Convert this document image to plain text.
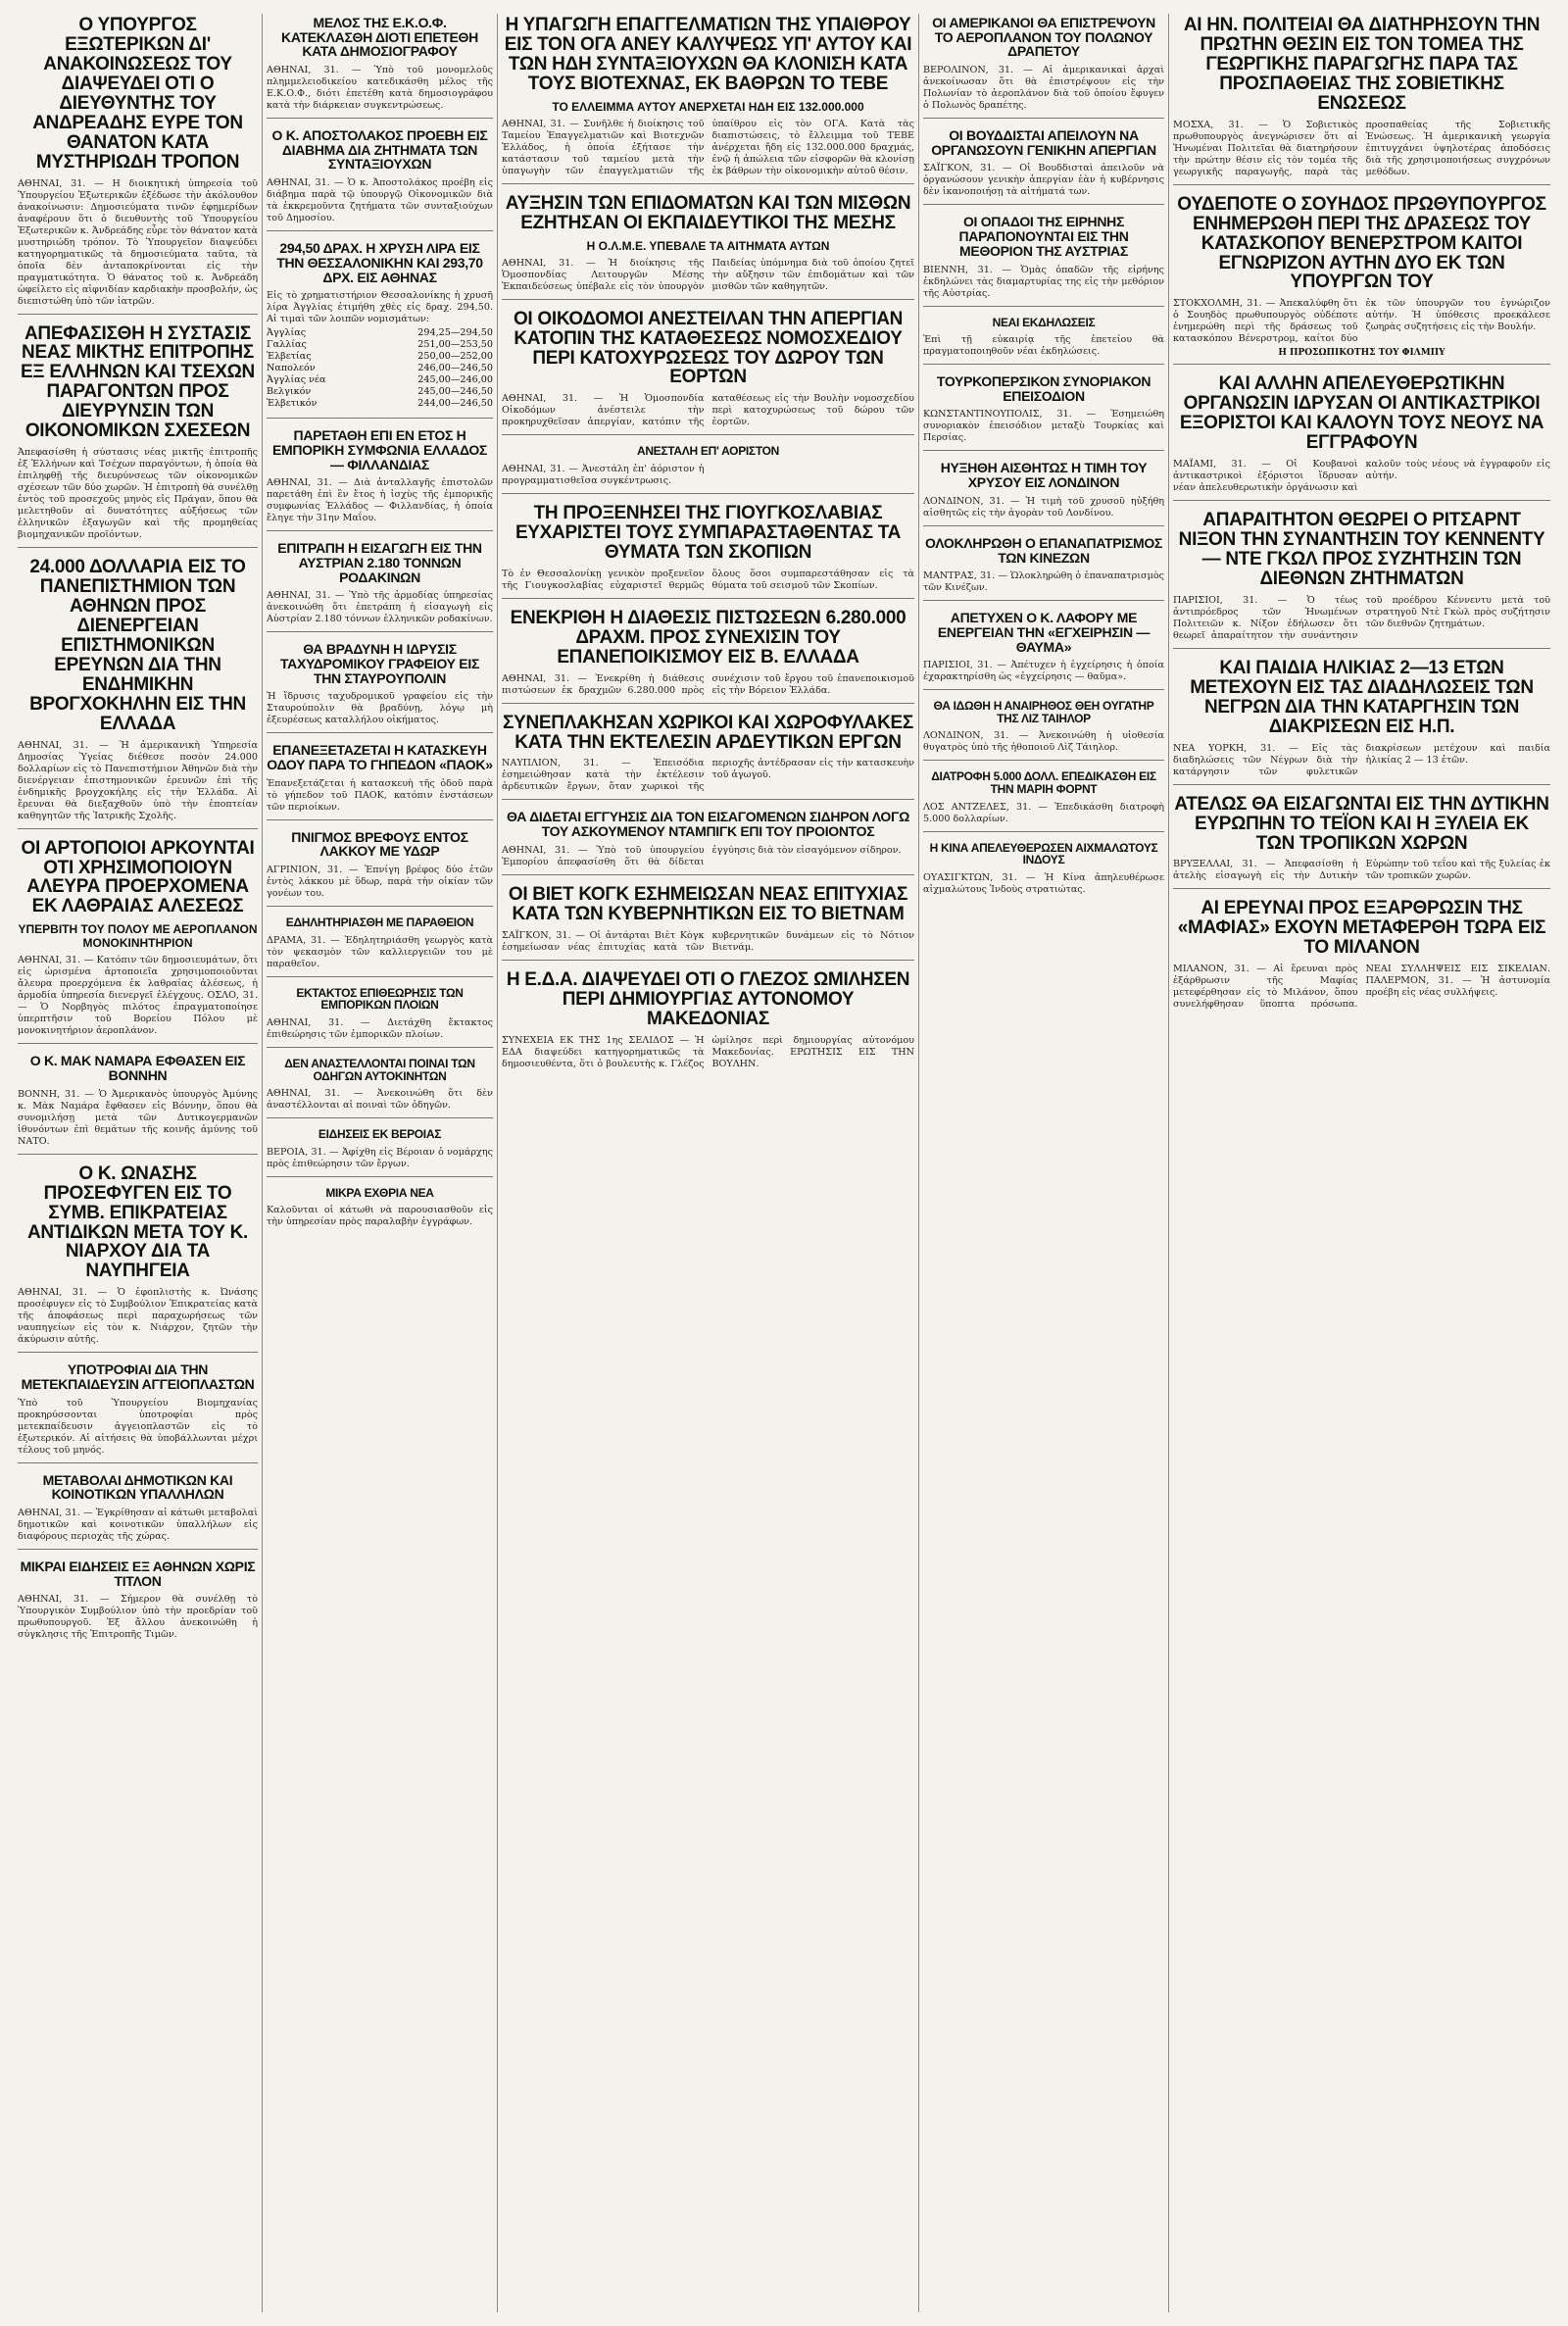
Ο ΥΠΟΥΡΓΟΣ ΕΞΩΤΕΡΙΚΩΝ ΔΙ' ΑΝΑΚΟΙΝΩΣΕΩΣ ΤΟΥ ΔΙΑΨΕΥΔΕΙ ΟΤΙ Ο ΔΙΕΥΘΥΝΤΗΣ ΤΟΥ ΑΝΔΡΕΑΔΗΣ ΕΥΡΕ ΤΟΝ ΘΑΝΑΤΟΝ ΚΑΤΑ ΜΥΣΤΗΡΙΩΔΗ ΤΡΟΠΟΝ
ΑΘΗΝΑΙ, 31. — Η διοικητική ὑπηρεσία τοῦ Ὑπουργείου Ἐξωτερικῶν ἐξέδωσε τὴν ἀκόλουθον ἀνακοίνωσιν: Δημοσιεύματα τινῶν ἐφημερίδων ἀναφέρουν ὅτι ὁ διευθυντὴς τοῦ Ὑπουργείου Ἐξωτερικῶν κ. Ἀνδρεάδης εὗρε τὸν θάνατον κατὰ μυστηριώδη τρόπον. Τὸ Ὑπουργεῖον διαψεύδει κατηγορηματικῶς τὰ δημοσιεύματα ταῦτα, τὰ ὁποῖα δὲν ἀνταποκρίνονται εἰς τὴν πραγματικότητα. Ὁ θάνατος τοῦ κ. Ἀνδρεάδη ὠφείλετο εἰς αἰφνιδίαν καρδιακὴν προσβολήν, ὡς διεπιστώθη ὑπὸ τῶν ἰατρῶν.
ΑΠΕΦΑΣΙΣΘΗ Η ΣΥΣΤΑΣΙΣ ΝΕΑΣ ΜΙΚΤΗΣ ΕΠΙΤΡΟΠΗΣ ΕΞ ΕΛΛΗΝΩΝ ΚΑΙ ΤΣΕΧΩΝ ΠΑΡΑΓΟΝΤΩΝ ΠΡΟΣ ΔΙΕΥΡΥΝΣΙΝ ΤΩΝ ΟΙΚΟΝΟΜΙΚΩΝ ΣΧΕΣΕΩΝ
Ἀπεφασίσθη ἡ σύστασις νέας μικτῆς ἐπιτροπῆς ἐξ Ἑλλήνων καὶ Τσέχων παραγόντων, ἡ ὁποία θὰ ἐπιληφθῇ τῆς διευρύνσεως τῶν οἰκονομικῶν σχέσεων τῶν δύο χωρῶν. Ἡ ἐπιτροπὴ θὰ συνέλθῃ ἐντὸς τοῦ προσεχοῦς μηνὸς εἰς Πράγαν, ὅπου θὰ μελετηθοῦν αἱ δυνατότητες αὐξήσεως τῶν ἑλληνικῶν ἐξαγωγῶν καὶ τῆς προμηθείας βιομηχανικῶν προϊόντων.
24.000 ΔΟΛΛΑΡΙΑ ΕΙΣ ΤΟ ΠΑΝΕΠΙΣΤΗΜΙΟΝ ΤΩΝ ΑΘΗΝΩΝ ΠΡΟΣ ΔΙΕΝΕΡΓΕΙΑΝ ΕΠΙΣΤΗΜΟΝΙΚΩΝ ΕΡΕΥΝΩΝ ΔΙΑ ΤΗΝ ΕΝΔΗΜΙΚΗΝ ΒΡΟΓΧΟΚΗΛΗΝ ΕΙΣ ΤΗΝ ΕΛΛΑΔΑ
ΑΘΗΝΑΙ, 31. — Ἡ ἀμερικανικὴ Ὑπηρεσία Δημοσίας Ὑγείας διέθεσε ποσὸν 24.000 δολλαρίων εἰς τὸ Πανεπιστήμιον Ἀθηνῶν διὰ τὴν διενέργειαν ἐπιστημονικῶν ἐρευνῶν ἐπὶ τῆς ἐνδημικῆς βρογχοκήλης εἰς τὴν Ἑλλάδα. Αἱ ἔρευναι θὰ διεξαχθοῦν ὑπὸ τὴν ἐποπτείαν καθηγητῶν τῆς Ἰατρικῆς Σχολῆς.
ΟΙ ΑΡΤΟΠΟΙΟΙ ΑΡΚΟΥΝΤΑΙ ΟΤΙ ΧΡΗΣΙΜΟΠΟΙΟΥΝ ΑΛΕΥΡΑ ΠΡΟΕΡΧΟΜΕΝΑ ΕΚ ΛΑΘΡΑΙΑΣ ΑΛΕΣΕΩΣ
ΥΠΕΡΒΙΤΗ ΤΟΥ ΠΟΛΟΥ ΜΕ ΑΕΡΟΠΛΑΝΟΝ ΜΟΝΟΚΙΝΗΤΗΡΙΟΝ
ΑΘΗΝΑΙ, 31. — Κατόπιν τῶν δημοσιευμάτων, ὅτι εἰς ὡρισμένα ἀρτοποιεῖα χρησιμοποιοῦνται ἄλευρα προερχόμενα ἐκ λαθραίας ἀλέσεως, ἡ ἀρμοδία ὑπηρεσία διενεργεῖ ἐλέγχους. ΟΣΛΟ, 31. — Ὁ Νορβηγὸς πιλότος ἐπραγματοποίησε ὑπερπτῆσιν τοῦ Βορείου Πόλου μὲ μονοκινητήριον ἀεροπλάνον.
Ο Κ. ΜΑΚ ΝΑΜΑΡΑ ΕΦΘΑΣΕΝ ΕΙΣ ΒΟΝΝΗΝ
ΒΟΝΝΗ, 31. — Ὁ Ἀμερικανὸς ὑπουργὸς Ἀμύνης κ. Μὰκ Ναμάρα ἔφθασεν εἰς Βόννην, ὅπου θὰ συνομιλήσῃ μετὰ τῶν Δυτικογερμανῶν ἰθυνόντων ἐπὶ θεμάτων τῆς κοινῆς ἀμύνης τοῦ ΝΑΤΟ.
Ο Κ. ΩΝΑΣΗΣ ΠΡΟΣΕΦΥΓΕΝ ΕΙΣ ΤΟ ΣΥΜΒ. ΕΠΙΚΡΑΤΕΙΑΣ ΑΝΤΙΔΙΚΩΝ ΜΕΤΑ ΤΟΥ Κ. ΝΙΑΡΧΟΥ ΔΙΑ ΤΑ ΝΑΥΠΗΓΕΙΑ
ΑΘΗΝΑΙ, 31. — Ὁ ἐφοπλιστὴς κ. Ὠνάσης προσέφυγεν εἰς τὸ Συμβούλιον Ἐπικρατείας κατὰ τῆς ἀποφάσεως περὶ παραχωρήσεως τῶν ναυπηγείων εἰς τὸν κ. Νιάρχον, ζητῶν τὴν ἀκύρωσιν αὐτῆς.
ΥΠΟΤΡΟΦΙΑΙ ΔΙΑ ΤΗΝ ΜΕΤΕΚΠΑΙΔΕΥΣΙΝ ΑΓΓΕΙΟΠΛΑΣΤΩΝ
Ὑπὸ τοῦ Ὑπουργείου Βιομηχανίας προκηρύσσονται ὑποτροφίαι πρὸς μετεκπαίδευσιν ἀγγειοπλαστῶν εἰς τὸ ἐξωτερικόν. Αἱ αἰτήσεις θὰ ὑποβάλλωνται μέχρι τέλους τοῦ μηνός.
ΜΕΤΑΒΟΛΑΙ ΔΗΜΟΤΙΚΩΝ ΚΑΙ ΚΟΙΝΟΤΙΚΩΝ ΥΠΑΛΛΗΛΩΝ
ΑΘΗΝΑΙ, 31. — Ἐγκρίθησαν αἱ κάτωθι μεταβολαὶ δημοτικῶν καὶ κοινοτικῶν ὑπαλλήλων εἰς διαφόρους περιοχὰς τῆς χώρας.
ΜΙΚΡΑΙ ΕΙΔΗΣΕΙΣ ΕΞ ΑΘΗΝΩΝ ΧΩΡΙΣ ΤΙΤΛΟΝ
ΑΘΗΝΑΙ, 31. — Σήμερον θὰ συνέλθῃ τὸ Ὑπουργικὸν Συμβούλιον ὑπὸ τὴν προεδρίαν τοῦ πρωθυπουργοῦ. Ἐξ ἄλλου ἀνεκοινώθη ἡ σύγκλησις τῆς Ἐπιτροπῆς Τιμῶν.
ΜΕΛΟΣ ΤΗΣ Ε.Κ.Ο.Φ. ΚΑΤΕΚΛΑΣΘΗ ΔΙΟΤΙ ΕΠΕΤΕΘΗ ΚΑΤΑ ΔΗΜΟΣΙΟΓΡΑΦΟΥ
ΑΘΗΝΑΙ, 31. — Ὑπὸ τοῦ μονομελοῦς πλημμελειοδικείου κατεδικάσθη μέλος τῆς Ε.Κ.Ο.Φ., διότι ἐπετέθη κατὰ δημοσιογράφου κατὰ τὴν διάρκειαν συγκεντρώσεως.
Ο Κ. ΑΠΟΣΤΟΛΑΚΟΣ ΠΡΟΕΒΗ ΕΙΣ ΔΙΑΒΗΜΑ ΔΙΑ ΖΗΤΗΜΑΤΑ ΤΩΝ ΣΥΝΤΑΞΙΟΥΧΩΝ
ΑΘΗΝΑΙ, 31. — Ὁ κ. Ἀποστολάκος προέβη εἰς διάβημα παρὰ τῷ ὑπουργῷ Οἰκονομικῶν διὰ τὰ ἐκκρεμοῦντα ζητήματα τῶν συνταξιούχων τοῦ Δημοσίου.
294,50 ΔΡΑΧ. Η ΧΡΥΣΗ ΛΙΡΑ ΕΙΣ ΤΗΝ ΘΕΣΣΑΛΟΝΙΚΗΝ ΚΑΙ 293,70 ΔΡΧ. ΕΙΣ ΑΘΗΝΑΣ
Εἰς τὸ χρηματιστήριον Θεσσαλονίκης ἡ χρυσῆ λίρα Ἀγγλίας ἐτιμήθη χθὲς εἰς δραχ. 294,50. Αἱ τιμαὶ τῶν λοιπῶν νομισμάτων:
Ἀγγλίας	294,25—294,50
Γαλλίας	251,00—253,50
Ἑλβετίας	250,00—252,00
Ναπολεόν	246,00—246,50
Ἀγγλίας νέα	245,00—246,00
Βελγικόν	245,00—246,50
Ἑλβετικόν	244,00—246,50
ΠΑΡΕΤΑΘΗ ΕΠΙ ΕΝ ΕΤΟΣ Η ΕΜΠΟΡΙΚΗ ΣΥΜΦΩΝΙΑ ΕΛΛΑΔΟΣ — ΦΙΛΛΑΝΔΙΑΣ
ΑΘΗΝΑΙ, 31. — Διὰ ἀνταλλαγῆς ἐπιστολῶν παρετάθη ἐπὶ ἓν ἔτος ἡ ἰσχὺς τῆς ἐμπορικῆς συμφωνίας Ἑλλάδος — Φιλλανδίας, ἡ ὁποία ἔληγε τὴν 31ην Μαΐου.
ΕΠΙΤΡΑΠΗ Η ΕΙΣΑΓΩΓΗ ΕΙΣ ΤΗΝ ΑΥΣΤΡΙΑΝ 2.180 ΤΟΝΝΩΝ ΡΟΔΑΚΙΝΩΝ
ΑΘΗΝΑΙ, 31. — Ὑπὸ τῆς ἀρμοδίας ὑπηρεσίας ἀνεκοινώθη ὅτι ἐπετράπη ἡ εἰσαγωγὴ εἰς Αὐστρίαν 2.180 τόννων ἑλληνικῶν ροδακίνων.
ΘΑ ΒΡΑΔΥΝΗ Η ΙΔΡΥΣΙΣ ΤΑΧΥΔΡΟΜΙΚΟΥ ΓΡΑΦΕΙΟΥ ΕΙΣ ΤΗΝ ΣΤΑΥΡΟΥΠΟΛΙΝ
Ἡ ἵδρυσις ταχυδρομικοῦ γραφείου εἰς τὴν Σταυρούπολιν θὰ βραδύνῃ, λόγῳ μὴ ἐξευρέσεως καταλλήλου οἰκήματος.
ΕΠΑΝΕΞΕΤΑΖΕΤΑΙ Η ΚΑΤΑΣΚΕΥΗ ΟΔΟΥ ΠΑΡΑ ΤΟ ΓΗΠΕΔΟΝ «ΠΑΟΚ»
Ἐπανεξετάζεται ἡ κατασκευὴ τῆς ὁδοῦ παρὰ τὸ γήπεδον τοῦ ΠΑΟΚ, κατόπιν ἐνστάσεων τῶν περιοίκων.
ΠΝΙΓΜΟΣ ΒΡΕΦΟΥΣ ΕΝΤΟΣ ΛΑΚΚΟΥ ΜΕ ΥΔΩΡ
ΑΓΡΙΝΙΟΝ, 31. — Ἐπνίγη βρέφος δύο ἐτῶν ἐντὸς λάκκου μὲ ὕδωρ, παρὰ τὴν οἰκίαν τῶν γονέων του.
ΕΔΗΛΗΤΗΡΙΑΣΘΗ ΜΕ ΠΑΡΑΘΕΙΟΝ
ΔΡΑΜΑ, 31. — Ἐδηλητηριάσθη γεωργὸς κατὰ τὸν ψεκασμὸν τῶν καλλιεργειῶν του μὲ παραθεῖον.
ΕΚΤΑΚΤΟΣ ΕΠΙΘΕΩΡΗΣΙΣ ΤΩΝ ΕΜΠΟΡΙΚΩΝ ΠΛΟΙΩΝ
ΑΘΗΝΑΙ, 31. — Διετάχθη ἔκτακτος ἐπιθεώρησις τῶν ἐμπορικῶν πλοίων.
ΔΕΝ ΑΝΑΣΤΕΛΛΟΝΤΑΙ ΠΟΙΝΑΙ ΤΩΝ ΟΔΗΓΩΝ ΑΥΤΟΚΙΝΗΤΩΝ
ΑΘΗΝΑΙ, 31. — Ἀνεκοινώθη ὅτι δὲν ἀναστέλλονται αἱ ποιναὶ τῶν ὁδηγῶν.
ΕΙΔΗΣΕΙΣ ΕΚ ΒΕΡΟΙΑΣ
ΒΕΡΟΙΑ, 31. — Ἀφίχθη εἰς Βέροιαν ὁ νομάρχης πρὸς ἐπιθεώρησιν τῶν ἔργων.
ΜΙΚΡΑ ΕΧΘΡΙΑ ΝΕΑ
Καλοῦνται οἱ κάτωθι νὰ παρουσιασθοῦν εἰς τὴν ὑπηρεσίαν πρὸς παραλαβὴν ἐγγράφων.
Η ΥΠΑΓΩΓΗ ΕΠΑΓΓΕΛΜΑΤΙΩΝ ΤΗΣ ΥΠΑΙΘΡΟΥ ΕΙΣ ΤΟΝ ΟΓΑ ΑΝΕΥ ΚΑΛΥΨΕΩΣ ΥΠ' ΑΥΤΟΥ ΚΑΙ ΤΩΝ ΗΔΗ ΣΥΝΤΑΞΙΟΥΧΩΝ ΘΑ ΚΛΟΝΙΣΗ ΚΑΤΑ ΤΟΥΣ ΒΙΟΤΕΧΝΑΣ, ΕΚ ΒΑΘΡΩΝ ΤΟ ΤΕΒΕ
ΤΟ ΕΛΛΕΙΜΜΑ ΑΥΤΟΥ ΑΝΕΡΧΕΤΑΙ ΗΔΗ ΕΙΣ 132.000.000
ΑΘΗΝΑΙ, 31. — Συνῆλθε ἡ διοίκησις τοῦ Ταμείου Ἐπαγγελματιῶν καὶ Βιοτεχνῶν Ἑλλάδος, ἡ ὁποία ἐξήτασε τὴν κατάστασιν τοῦ ταμείου μετὰ τὴν ὑπαγωγὴν τῶν ἐπαγγελματιῶν τῆς ὑπαίθρου εἰς τὸν ΟΓΑ. Κατὰ τὰς διαπιστώσεις, τὸ ἔλλειμμα τοῦ ΤΕΒΕ ἀνέρχεται ἤδη εἰς 132.000.000 δραχμάς, ἐνῷ ἡ ἀπώλεια τῶν εἰσφορῶν θὰ κλονίσῃ ἐκ βάθρων τὴν οἰκονομικὴν αὐτοῦ θέσιν.
ΑΥΞΗΣΙΝ ΤΩΝ ΕΠΙΔΟΜΑΤΩΝ ΚΑΙ ΤΩΝ ΜΙΣΘΩΝ ΕΖΗΤΗΣΑΝ ΟΙ ΕΚΠΑΙΔΕΥΤΙΚΟΙ ΤΗΣ ΜΕΣΗΣ
Η Ο.Λ.Μ.Ε. ΥΠΕΒΑΛΕ ΤΑ ΑΙΤΗΜΑΤΑ ΑΥΤΩΝ
ΑΘΗΝΑΙ, 31. — Ἡ διοίκησις τῆς Ὁμοσπονδίας Λειτουργῶν Μέσης Ἐκπαιδεύσεως ὑπέβαλε εἰς τὸν ὑπουργὸν Παιδείας ὑπόμνημα διὰ τοῦ ὁποίου ζητεῖ τὴν αὔξησιν τῶν ἐπιδομάτων καὶ τῶν μισθῶν τῶν καθηγητῶν.
ΟΙ ΟΙΚΟΔΟΜΟΙ ΑΝΕΣΤΕΙΛΑΝ ΤΗΝ ΑΠΕΡΓΙΑΝ ΚΑΤΟΠΙΝ ΤΗΣ ΚΑΤΑΘΕΣΕΩΣ ΝΟΜΟΣΧΕΔΙΟΥ ΠΕΡΙ ΚΑΤΟΧΥΡΩΣΕΩΣ ΤΟΥ ΔΩΡΟΥ ΤΩΝ ΕΟΡΤΩΝ
ΑΘΗΝΑΙ, 31. — Ἡ Ὁμοσπονδία Οἰκοδόμων ἀνέστειλε τὴν προκηρυχθεῖσαν ἀπεργίαν, κατόπιν τῆς καταθέσεως εἰς τὴν Βουλὴν νομοσχεδίου περὶ κατοχυρώσεως τοῦ δώρου τῶν ἑορτῶν.
ΑΝΕΣΤΑΛΗ ΕΠ' ΑΟΡΙΣΤΟΝ
ΑΘΗΝΑΙ, 31. — Ἀνεστάλη ἐπ' ἀόριστον ἡ προγραμματισθεῖσα συγκέντρωσις.
ΤΗ ΠΡΟΞΕΝΗΣΕΙ ΤΗΣ ΓΙΟΥΓΚΟΣΛΑΒΙΑΣ ΕΥΧΑΡΙΣΤΕΙ ΤΟΥΣ ΣΥΜΠΑΡΑΣΤΑΘΕΝΤΑΣ ΤΑ ΘΥΜΑΤΑ ΤΩΝ ΣΚΟΠΙΩΝ
Τὸ ἐν Θεσσαλονίκῃ γενικὸν προξενεῖον τῆς Γιουγκοσλαβίας εὐχαριστεῖ θερμῶς ὅλους ὅσοι συμπαρεστάθησαν εἰς τὰ θύματα τοῦ σεισμοῦ τῶν Σκοπίων.
ΕΝΕΚΡΙΘΗ Η ΔΙΑΘΕΣΙΣ ΠΙΣΤΩΣΕΩΝ 6.280.000 ΔΡΑΧΜ. ΠΡΟΣ ΣΥΝΕΧΙΣΙΝ ΤΟΥ ΕΠΑΝΕΠΟΙΚΙΣΜΟΥ ΕΙΣ Β. ΕΛΛΑΔΑ
ΑΘΗΝΑΙ, 31. — Ἐνεκρίθη ἡ διάθεσις πιστώσεων ἐκ δραχμῶν 6.280.000 πρὸς συνέχισιν τοῦ ἔργου τοῦ ἐπανεποικισμοῦ εἰς τὴν Βόρειον Ἑλλάδα.
ΣΥΝΕΠΛΑΚΗΣΑΝ ΧΩΡΙΚΟΙ ΚΑΙ ΧΩΡΟΦΥΛΑΚΕΣ ΚΑΤΑ ΤΗΝ ΕΚΤΕΛΕΣΙΝ ΑΡΔΕΥΤΙΚΩΝ ΕΡΓΩΝ
ΝΑΥΠΛΙΟΝ, 31. — Ἐπεισόδια ἐσημειώθησαν κατὰ τὴν ἐκτέλεσιν ἀρδευτικῶν ἔργων, ὅταν χωρικοὶ τῆς περιοχῆς ἀντέδρασαν εἰς τὴν κατασκευὴν τοῦ ἀγωγοῦ.
ΘΑ ΔΙΔΕΤΑΙ ΕΓΓΥΗΣΙΣ ΔΙΑ ΤΟΝ ΕΙΣΑΓΟΜΕΝΩΝ ΣΙΔΗΡΟΝ ΛΟΓΩ ΤΟΥ ΑΣΚΟΥΜΕΝΟΥ ΝΤΑΜΠΙΓΚ ΕΠΙ ΤΟΥ ΠΡΟΙΟΝΤΟΣ
ΑΘΗΝΑΙ, 31. — Ὑπὸ τοῦ ὑπουργείου Ἐμπορίου ἀπεφασίσθη ὅτι θὰ δίδεται ἐγγύησις διὰ τὸν εἰσαγόμενον σίδηρον.
ΟΙ ΒΙΕΤ ΚΟΓΚ ΕΣΗΜΕΙΩΣΑΝ ΝΕΑΣ ΕΠΙΤΥΧΙΑΣ ΚΑΤΑ ΤΩΝ ΚΥΒΕΡΝΗΤΙΚΩΝ ΕΙΣ ΤΟ ΒΙΕΤΝΑΜ
ΣΑΪΓΚΟΝ, 31. — Οἱ ἀντάρται Βιὲτ Κὸγκ ἐσημείωσαν νέας ἐπιτυχίας κατὰ τῶν κυβερνητικῶν δυνάμεων εἰς τὸ Νότιον Βιετνάμ.
Η Ε.Δ.Α. ΔΙΑΨΕΥΔΕΙ ΟΤΙ Ο ΓΛΕΖΟΣ ΩΜΙΛΗΣΕΝ ΠΕΡΙ ΔΗΜΙΟΥΡΓΙΑΣ ΑΥΤΟΝΟΜΟΥ ΜΑΚΕΔΟΝΙΑΣ
ΣΥΝΕΧΕΙΑ ΕΚ ΤΗΣ 1ης ΣΕΛΙΔΟΣ — Ἡ ΕΔΑ διαψεύδει κατηγορηματικῶς τὰ δημοσιευθέντα, ὅτι ὁ βουλευτὴς κ. Γλέζος ὡμίλησε περὶ δημιουργίας αὐτονόμου Μακεδονίας. ΕΡΩΤΗΣΙΣ ΕΙΣ ΤΗΝ ΒΟΥΛΗΝ.
ΟΙ ΑΜΕΡΙΚΑΝΟΙ ΘΑ ΕΠΙΣΤΡΕΨΟΥΝ ΤΟ ΑΕΡΟΠΛΑΝΟΝ ΤΟΥ ΠΟΛΩΝΟΥ ΔΡΑΠΕΤΟΥ
ΒΕΡΟΛΙΝΟΝ, 31. — Αἱ ἀμερικανικαὶ ἀρχαὶ ἀνεκοίνωσαν ὅτι θὰ ἐπιστρέψουν εἰς τὴν Πολωνίαν τὸ ἀεροπλάνον διὰ τοῦ ὁποίου ἔφυγεν ὁ Πολωνὸς δραπέτης.
ΟΙ ΒΟΥΔΔΙΣΤΑΙ ΑΠΕΙΛΟΥΝ ΝΑ ΟΡΓΑΝΩΣΟΥΝ ΓΕΝΙΚΗΝ ΑΠΕΡΓΙΑΝ
ΣΑΪΓΚΟΝ, 31. — Οἱ Βουδδισταὶ ἀπειλοῦν νὰ ὀργανώσουν γενικὴν ἀπεργίαν ἐὰν ἡ κυβέρνησις δὲν ἱκανοποιήσῃ τὰ αἰτήματά των.
ΟΙ ΟΠΑΔΟΙ ΤΗΣ ΕΙΡΗΝΗΣ ΠΑΡΑΠΟΝΟΥΝΤΑΙ ΕΙΣ ΤΗΝ ΜΕΘΟΡΙΟΝ ΤΗΣ ΑΥΣΤΡΙΑΣ
ΒΙΕΝΝΗ, 31. — Ὁμὰς ὀπαδῶν τῆς εἰρήνης ἐκδηλώνει τὰς διαμαρτυρίας της εἰς τὴν μεθόριον τῆς Αὐστρίας.
ΝΕΑΙ ΕΚΔΗΛΩΣΕΙΣ
Ἐπὶ τῇ εὐκαιρίᾳ τῆς ἐπετείου θὰ πραγματοποιηθοῦν νέαι ἐκδηλώσεις.
ΤΟΥΡΚΟΠΕΡΣΙΚΟΝ ΣΥΝΟΡΙΑΚΟΝ ΕΠΕΙΣΟΔΙΟΝ
ΚΩΝΣΤΑΝΤΙΝΟΥΠΟΛΙΣ, 31. — Ἐσημειώθη συνοριακὸν ἐπεισόδιον μεταξὺ Τουρκίας καὶ Περσίας.
ΗΥΞΗΘΗ ΑΙΣΘΗΤΩΣ Η ΤΙΜΗ ΤΟΥ ΧΡΥΣΟΥ ΕΙΣ ΛΟΝΔΙΝΟΝ
ΛΟΝΔΙΝΟΝ, 31. — Ἡ τιμὴ τοῦ χρυσοῦ ηὐξήθη αἰσθητῶς εἰς τὴν ἀγορὰν τοῦ Λονδίνου.
ΟΛΟΚΛΗΡΩΘΗ Ο ΕΠΑΝΑΠΑΤΡΙΣΜΟΣ ΤΩΝ ΚΙΝΕΖΩΝ
ΜΑΝΤΡΑΣ, 31. — Ὡλοκληρώθη ὁ ἐπαναπατρισμὸς τῶν Κινέζων.
ΑΠΕΤΥΧΕΝ Ο Κ. ΛΑΦΟΡΥ ΜΕ ΕΝΕΡΓΕΙΑΝ ΤΗΝ «ΕΓΧΕΙΡΗΣΙΝ — ΘΑΥΜΑ»
ΠΑΡΙΣΙΟΙ, 31. — Ἀπέτυχεν ἡ ἐγχείρησις ἡ ὁποία ἐχαρακτηρίσθη ὡς «ἐγχείρησις — θαῦμα».
ΘΑ ΙΔΩΘΗ Η ΑΝΑΙΡΗΘΟΣ ΘΕΗ ΟΥΓΑΤΗΡ ΤΗΣ ΛΙΖ ΤΑΙΗΛΟΡ
ΛΟΝΔΙΝΟΝ, 31. — Ἀνεκοινώθη ἡ υἱοθεσία θυγατρὸς ὑπὸ τῆς ἠθοποιοῦ Λὶζ Τάιηλορ.
ΔΙΑΤΡΟΦΗ 5.000 ΔΟΛΛ. ΕΠΕΔΙΚΑΣΘΗ ΕΙΣ ΤΗΝ ΜΑΡΙΗ ΦΟΡΝΤ
ΛΟΣ ΑΝΤΖΕΛΕΣ, 31. — Ἐπεδικάσθη διατροφὴ 5.000 δολλαρίων.
Η ΚΙΝΑ ΑΠΕΛΕΥΘΕΡΩΣΕΝ ΑΙΧΜΑΛΩΤΟΥΣ ΙΝΔΟΥΣ
ΟΥΑΣΙΓΚΤΩΝ, 31. — Ἡ Κίνα ἀπηλευθέρωσε αἰχμαλώτους Ἰνδοὺς στρατιώτας.
ΑΙ ΗΝ. ΠΟΛΙΤΕΙΑΙ ΘΑ ΔΙΑΤΗΡΗΣΟΥΝ ΤΗΝ ΠΡΩΤΗΝ ΘΕΣΙΝ ΕΙΣ ΤΟΝ ΤΟΜΕΑ ΤΗΣ ΓΕΩΡΓΙΚΗΣ ΠΑΡΑΓΩΓΗΣ ΠΑΡΑ ΤΑΣ ΠΡΟΣΠΑΘΕΙΑΣ ΤΗΣ ΣΟΒΙΕΤΙΚΗΣ ΕΝΩΣΕΩΣ
ΜΟΣΧΑ, 31. — Ὁ Σοβιετικὸς πρωθυπουργὸς ἀνεγνώρισεν ὅτι αἱ Ἡνωμέναι Πολιτεῖαι θὰ διατηρήσουν τὴν πρώτην θέσιν εἰς τὸν τομέα τῆς γεωργικῆς παραγωγῆς, παρὰ τὰς προσπαθείας τῆς Σοβιετικῆς Ἑνώσεως. Ἡ ἀμερικανικὴ γεωργία ἐπιτυγχάνει ὑψηλοτέρας ἀποδόσεις διὰ τῆς χρησιμοποιήσεως συγχρόνων μεθόδων.
ΟΥΔΕΠΟΤΕ Ο ΣΟΥΗΔΟΣ ΠΡΩΘΥΠΟΥΡΓΟΣ ΕΝΗΜΕΡΩΘΗ ΠΕΡΙ ΤΗΣ ΔΡΑΣΕΩΣ ΤΟΥ ΚΑΤΑΣΚΟΠΟΥ ΒΕΝΕΡΣΤΡΟΜ ΚΑΙΤΟΙ ΕΓΝΩΡΙΖΟΝ ΑΥΤΗΝ ΔΥΟ ΕΚ ΤΩΝ ΥΠΟΥΡΓΩΝ ΤΟΥ
ΣΤΟΚΧΟΛΜΗ, 31. — Ἀπεκαλύφθη ὅτι ὁ Σουηδὸς πρωθυπουργὸς οὐδέποτε ἐνημερώθη περὶ τῆς δράσεως τοῦ κατασκόπου Βένερστρομ, καίτοι δύο ἐκ τῶν ὑπουργῶν του ἐγνώριζον αὐτήν. Ἡ ὑπόθεσις προεκάλεσε ζωηρὰς συζητήσεις εἰς τὴν Βουλήν.
Η ΠΡΟΣΩΠΙΚΟΤΗΣ ΤΟΥ ΦΙΛΜΠΥ
ΚΑΙ ΑΛΛΗΝ ΑΠΕΛΕΥΘΕΡΩΤΙΚΗΝ ΟΡΓΑΝΩΣΙΝ ΙΔΡΥΣΑΝ ΟΙ ΑΝΤΙΚΑΣΤΡΙΚΟΙ ΕΞΟΡΙΣΤΟΙ ΚΑΙ ΚΑΛΟΥΝ ΤΟΥΣ ΝΕΟΥΣ ΝΑ ΕΓΓΡΑΦΟΥΝ
ΜΑΪΑΜΙ, 31. — Οἱ Κουβανοὶ ἀντικαστρικοὶ ἐξόριστοι ἵδρυσαν νέαν ἀπελευθερωτικὴν ὀργάνωσιν καὶ καλοῦν τοὺς νέους νὰ ἐγγραφοῦν εἰς αὐτήν.
ΑΠΑΡΑΙΤΗΤΟΝ ΘΕΩΡΕΙ Ο ΡΙΤΣΑΡΝΤ ΝΙΞΟΝ ΤΗΝ ΣΥΝΑΝΤΗΣΙΝ ΤΟΥ ΚΕΝΝΕΝΤΥ — ΝΤΕ ΓΚΩΛ ΠΡΟΣ ΣΥΖΗΤΗΣΙΝ ΤΩΝ ΔΙΕΘΝΩΝ ΖΗΤΗΜΑΤΩΝ
ΠΑΡΙΣΙΟΙ, 31. — Ὁ τέως ἀντιπρόεδρος τῶν Ἡνωμένων Πολιτειῶν κ. Νίξον ἐδήλωσεν ὅτι θεωρεῖ ἀπαραίτητον τὴν συνάντησιν τοῦ προέδρου Κέννεντυ μετὰ τοῦ στρατηγοῦ Ντὲ Γκὼλ πρὸς συζήτησιν τῶν διεθνῶν ζητημάτων.
ΚΑΙ ΠΑΙΔΙΑ ΗΛΙΚΙΑΣ 2—13 ΕΤΩΝ ΜΕΤΕΧΟΥΝ ΕΙΣ ΤΑΣ ΔΙΑΔΗΛΩΣΕΙΣ ΤΩΝ ΝΕΓΡΩΝ ΔΙΑ ΤΗΝ ΚΑΤΑΡΓΗΣΙΝ ΤΩΝ ΔΙΑΚΡΙΣΕΩΝ ΕΙΣ Η.Π.
ΝΕΑ ΥΟΡΚΗ, 31. — Εἰς τὰς διαδηλώσεις τῶν Νέγρων διὰ τὴν κατάργησιν τῶν φυλετικῶν διακρίσεων μετέχουν καὶ παιδία ἡλικίας 2 — 13 ἐτῶν.
ΑΤΕΛΩΣ ΘΑ ΕΙΣΑΓΩΝΤΑΙ ΕΙΣ ΤΗΝ ΔΥΤΙΚΗΝ ΕΥΡΩΠΗΝ ΤΟ ΤΕΪΟΝ ΚΑΙ Η ΞΥΛΕΙΑ ΕΚ ΤΩΝ ΤΡΟΠΙΚΩΝ ΧΩΡΩΝ
ΒΡΥΞΕΛΛΑΙ, 31. — Ἀπεφασίσθη ἡ ἀτελὴς εἰσαγωγὴ εἰς τὴν Δυτικὴν Εὐρώπην τοῦ τεΐου καὶ τῆς ξυλείας ἐκ τῶν τροπικῶν χωρῶν.
ΑΙ ΕΡΕΥΝΑΙ ΠΡΟΣ ΕΞΑΡΘΡΩΣΙΝ ΤΗΣ «ΜΑΦΙΑΣ» ΕΧΟΥΝ ΜΕΤΑΦΕΡΘΗ ΤΩΡΑ ΕΙΣ ΤΟ ΜΙΛΑΝΟΝ
ΜΙΛΑΝΟΝ, 31. — Αἱ ἔρευναι πρὸς ἐξάρθρωσιν τῆς Μαφίας μετεφέρθησαν εἰς τὸ Μιλάνον, ὅπου συνελήφθησαν ὕποπτα πρόσωπα. ΝΕΑΙ ΣΥΛΛΗΨΕΙΣ ΕΙΣ ΣΙΚΕΛΙΑΝ. ΠΑΛΕΡΜΟΝ, 31. — Ἡ ἀστυνομία προέβη εἰς νέας συλλήψεις.
